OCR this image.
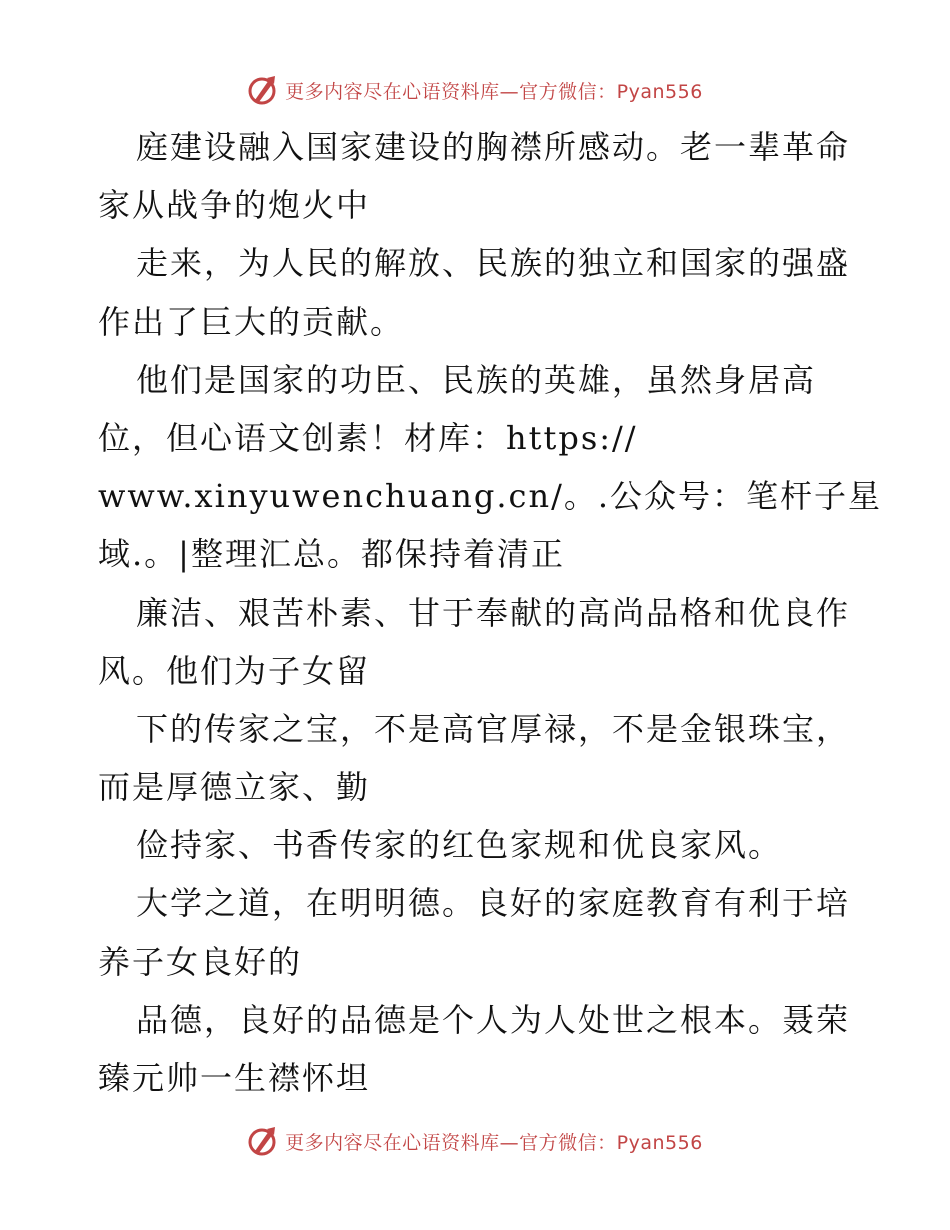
更多内容尽在心语资料库—官方微信：Pyan556
庭建设融入国家建设的胸襟所感动。老一辈革命
家从战争的炮火中
走来，为人民的解放、民族的独立和国家的强盛
作出了巨大的贡献。
他们是国家的功臣、民族的英雄，虽然身居高
位，但心语文创素！材库：https://
www.xinyuwenchuang.cn/。.公众号：笔杆子星
域.。|整理汇总。都保持着清正
廉洁、艰苦朴素、甘于奉献的高尚品格和优良作
风。他们为子女留
下的传家之宝，不是高官厚禄，不是金银珠宝，
而是厚德立家、勤
俭持家、书香传家的红色家规和优良家风。
大学之道，在明明德。良好的家庭教育有利于培
养子女良好的
品德，良好的品德是个人为人处世之根本。聂荣
臻元帅一生襟怀坦
更多内容尽在心语资料库—官方微信：Pyan556
